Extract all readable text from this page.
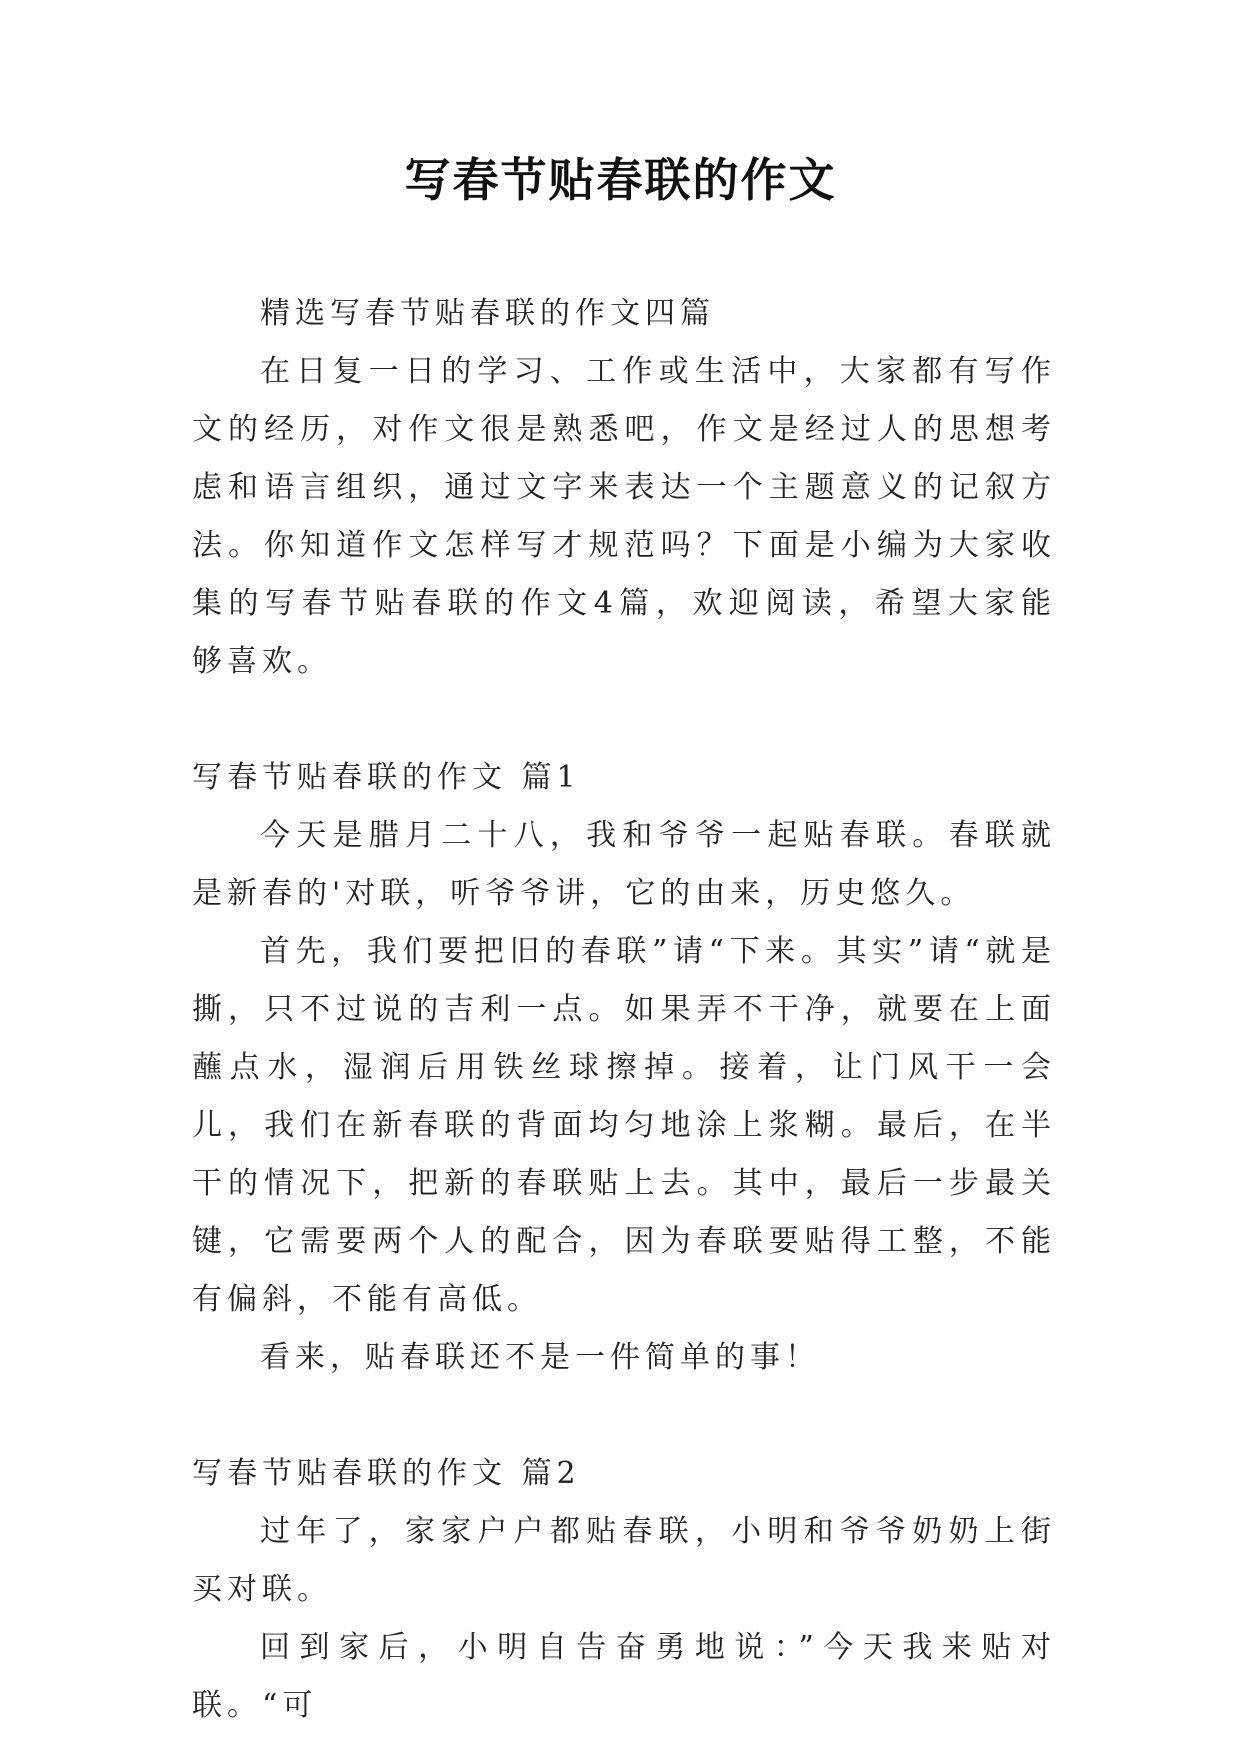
写春节贴春联的作文

精选写春节贴春联的作文四篇

在日复一日的学习、工作或生活中，大家都有写作文的经历，对作文很是熟悉吧，作文是经过人的思想考虑和语言组织，通过文字来表达一个主题意义的记叙方法。你知道作文怎样写才规范吗？下面是小编为大家收集的写春节贴春联的作文4篇，欢迎阅读，希望大家能够喜欢。

写春节贴春联的作文 篇1

今天是腊月二十八，我和爷爷一起贴春联。春联就是新春的'对联，听爷爷讲，它的由来，历史悠久。

首先，我们要把旧的春联”请“下来。其实”请“就是撕，只不过说的吉利一点。如果弄不干净，就要在上面蘸点水，湿润后用铁丝球擦掉。接着，让门风干一会儿，我们在新春联的背面均匀地涂上浆糊。最后，在半干的情况下，把新的春联贴上去。其中，最后一步最关键，它需要两个人的配合，因为春联要贴得工整，不能有偏斜，不能有高低。

看来，贴春联还不是一件简单的事！

写春节贴春联的作文 篇2

过年了，家家户户都贴春联，小明和爷爷奶奶上街买对联。

回到家后，小明自告奋勇地说：”今天我来贴对联。“可
